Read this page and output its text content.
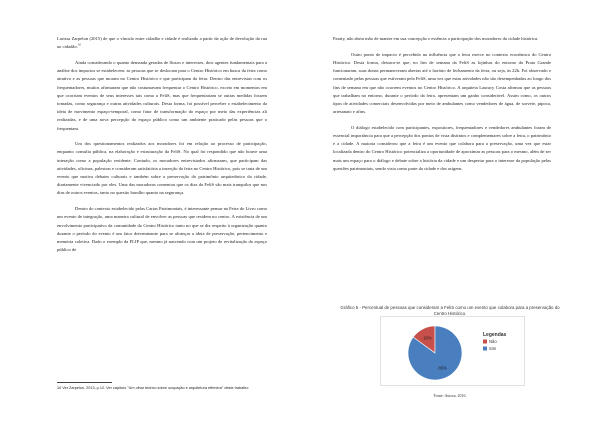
Larissa Zarpelon (2015) de que o vínculo entre cidadão e cidade é realizado a partir da ação de devolução da rua ao cidadão.$^{10}$

Ainda considerando o quanto demanda geradas de fluxos e interesses, dois agentes fundamentais para a análise dos impactos se estabelecem: as pessoas que se deslocam para o Centro Histórico em busca da feira como atrativo e as pessoas que moram no Centro Histórico e que participam da feira. Dentro das entrevistas com os frequentadores, muitos afirmaram que não costumavam frequentar o Centro Histórico, exceto em momentos em que ocorriam eventos de seus interesses tais como a FeliS, mas que frequentariam se outras medidas fossem tomadas, como segurança e outras atividades culturais. Desta forma, foi possível perceber o estabelecimento da ideia de movimento espaço-temporal, como fator de transformação do espaço por meio das experiências ali realizadas, e de uma nova percepção do espaço público como um ambiente praticado pelas pessoas que o frequentam.

Um dos questionamentos realizados aos moradores foi em relação ao processo de participação, enquanto consulta pública, na elaboração e estruturação da FeliS. No qual foi respondido que não houve uma interação como a população residente. Contudo, os moradores entrevistados afirmaram, que participam das atividades, oficinas, palestras e consideram satisfatória a inserção da feira no Centro Histórico, pois se trata de um evento que motiva debates culturais e também sobre a preservação do patrimônio arquitetônico da cidade, diariamente vivenciado por eles. Uma das moradoras comentou que os dias da FeliS são mais tranquilos que nos dias de outros eventos, tanto no quesito barulho quanto na segurança.

Dentro do contexto estabelecido pelas Cartas Patrimoniais, é interessante pensar na Feira do Livro como um evento de integração, uma maneira cultural de envolver as pessoas que residem no centro. A existência de um envolvimento participativo da comunidade do Centro Histórico tanto no que se diz respeito à organização quanto durante o período do evento é um fator determinante para se alcançar a ideia de preservação, pertencimento e memória coletiva. Dado o exemplo da FLIP que, mesmo já nascendo com um projeto de revitalização do espaço público de

10 Ver Zarpelon, 2013, p.12. Ver capítulo "Um olhar teórico sobre ocupação e arquitetura efêmera" deste trabalho.

Paraty, não abriu mão de manter em sua concepção e essência a participação dos moradores da cidade histórica.

Outro ponto de impacto é percebido na influência que a feira exerce no contexto econômico do Centro Histórico. Desta forma, destaca-se que, no fim de semana da FeliS as lojinhas do entorno da Praia Grande funcionaram, suas donas permaneceram abertas até o horário de fechamento da feira, ou seja, às 22h. Foi observado e comentado pelas pessoas que estiveram pela FeliS, uma vez que estas atividades não são desempenhadas ao longo dos fins de semana em que não ocorrem eventos no Centro Histórico. A arquiteta Lauracy Costa afirmou que as pessoas que trabalham no entorno, durante o período da feira, apresentam um ganho considerável. Assim como, os outros tipos de atividades comerciais desenvolvidas por meio de ambulantes como vendedores de água, de sorvete, pipoca, artesanato e afins.

O diálogo estabelecido com participantes, expositores, frequentadores e vendedores ambulantes foram de essencial importância para que a percepção dos pontos de vista distintos e complementares sobre a feira, o patrimônio e a cidade. A maioria considerou que a feira é um evento que colabora para a preservação, uma vez que estar localizada dentro do Centro Histórico potencializa a oportunidade de aproximar as pessoas para o mesmo, além de ser mais um espaço para o diálogo e debate sobre a história da cidade e um despertar para o interesse da população pelas questões patrimoniais, sendo vista como parte da cidade e dos origens.

Gráfico 5 - Percentual de pessoas que consideram a FeliS como um evento que colabora para a preservação do Centro Histórico.
15%
85%
Legendas
Não
Sim
Fonte: Autora, 2016.
